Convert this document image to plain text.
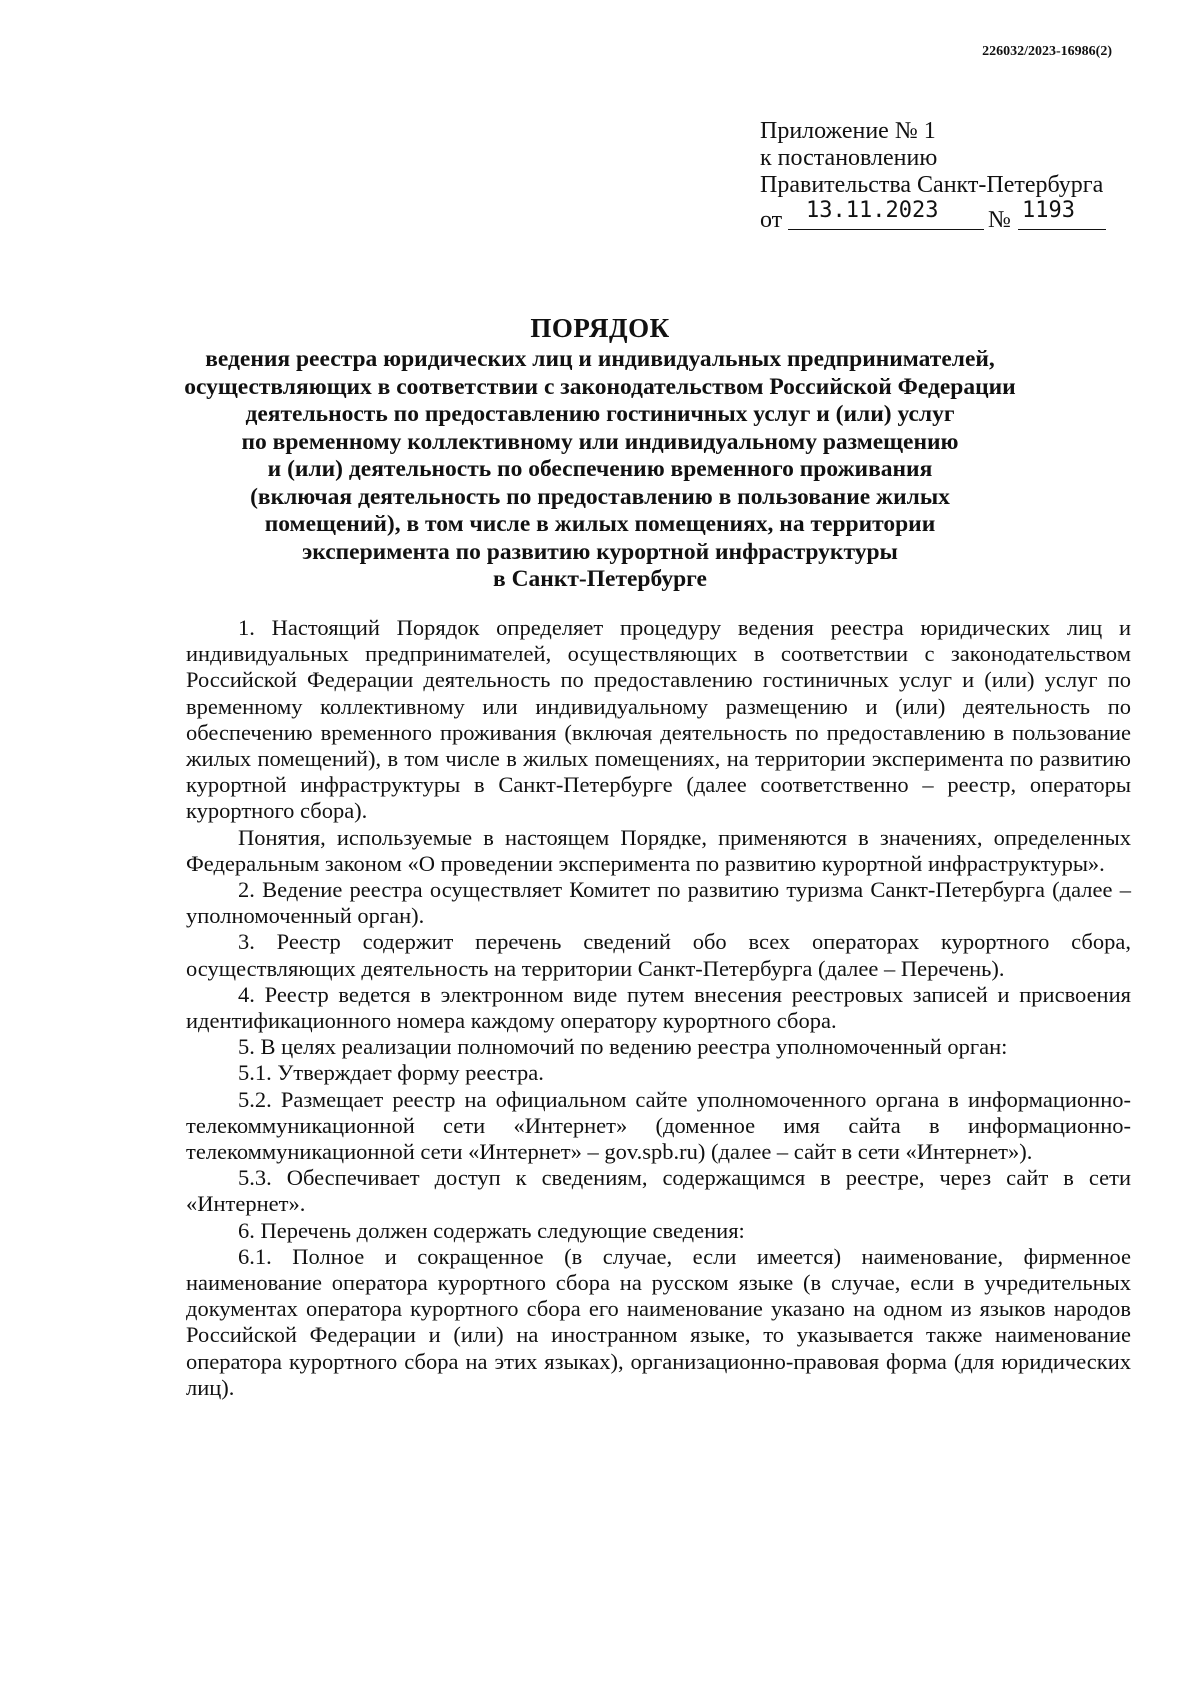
226032/2023-16986(2)
Приложение № 1
к постановлению
Правительства Санкт-Петербурга
от	13.11.2023	№ 1193
ПОРЯДОК
ведения реестра юридических лиц и индивидуальных предпринимателей,
осуществляющих в соответствии с законодательством Российской Федерации
деятельность по предоставлению гостиничных услуг и (или) услуг
по временному коллективному или индивидуальному размещению
и (или) деятельность по обеспечению временного проживания
(включая деятельность по предоставлению в пользование жилых
помещений), в том числе в жилых помещениях, на территории
эксперимента по развитию курортной инфраструктуры
в Санкт-Петербурге

1. Настоящий Порядок определяет процедуру ведения реестра юридических лиц и индивидуальных предпринимателей, осуществляющих в соответствии с законодательством Российской Федерации деятельность по предоставлению гостиничных услуг и (или) услуг по временному коллективному или индивидуальному размещению и (или) деятельность по обеспечению временного проживания (включая деятельность по предоставлению в пользование жилых помещений), в том числе в жилых помещениях, на территории эксперимента по развитию курортной инфраструктуры в Санкт-Петербурге (далее соответственно – реестр, операторы курортного сбора).

Понятия, используемые в настоящем Порядке, применяются в значениях, определенных Федеральным законом «О проведении эксперимента по развитию курортной инфраструктуры».

2. Ведение реестра осуществляет Комитет по развитию туризма Санкт-Петербурга (далее – уполномоченный орган).

3. Реестр содержит перечень сведений обо всех операторах курортного сбора, осуществляющих деятельность на территории Санкт-Петербурга (далее – Перечень).

4. Реестр ведется в электронном виде путем внесения реестровых записей и присвоения идентификационного номера каждому оператору курортного сбора.

5. В целях реализации полномочий по ведению реестра уполномоченный орган:

5.1. Утверждает форму реестра.

5.2. Размещает реестр на официальном сайте уполномоченного органа в информационно-телекоммуникационной сети «Интернет» (доменное имя сайта в информационно-телекоммуникационной сети «Интернет» – gov.spb.ru) (далее – сайт в сети «Интернет»).

5.3. Обеспечивает доступ к сведениям, содержащимся в реестре, через сайт в сети «Интернет».

6. Перечень должен содержать следующие сведения:

6.1. Полное и сокращенное (в случае, если имеется) наименование, фирменное наименование оператора курортного сбора на русском языке (в случае, если в учредительных документах оператора курортного сбора его наименование указано на одном из языков народов Российской Федерации и (или) на иностранном языке, то указывается также наименование оператора курортного сбора на этих языках), организационно-правовая форма (для юридических лиц).
